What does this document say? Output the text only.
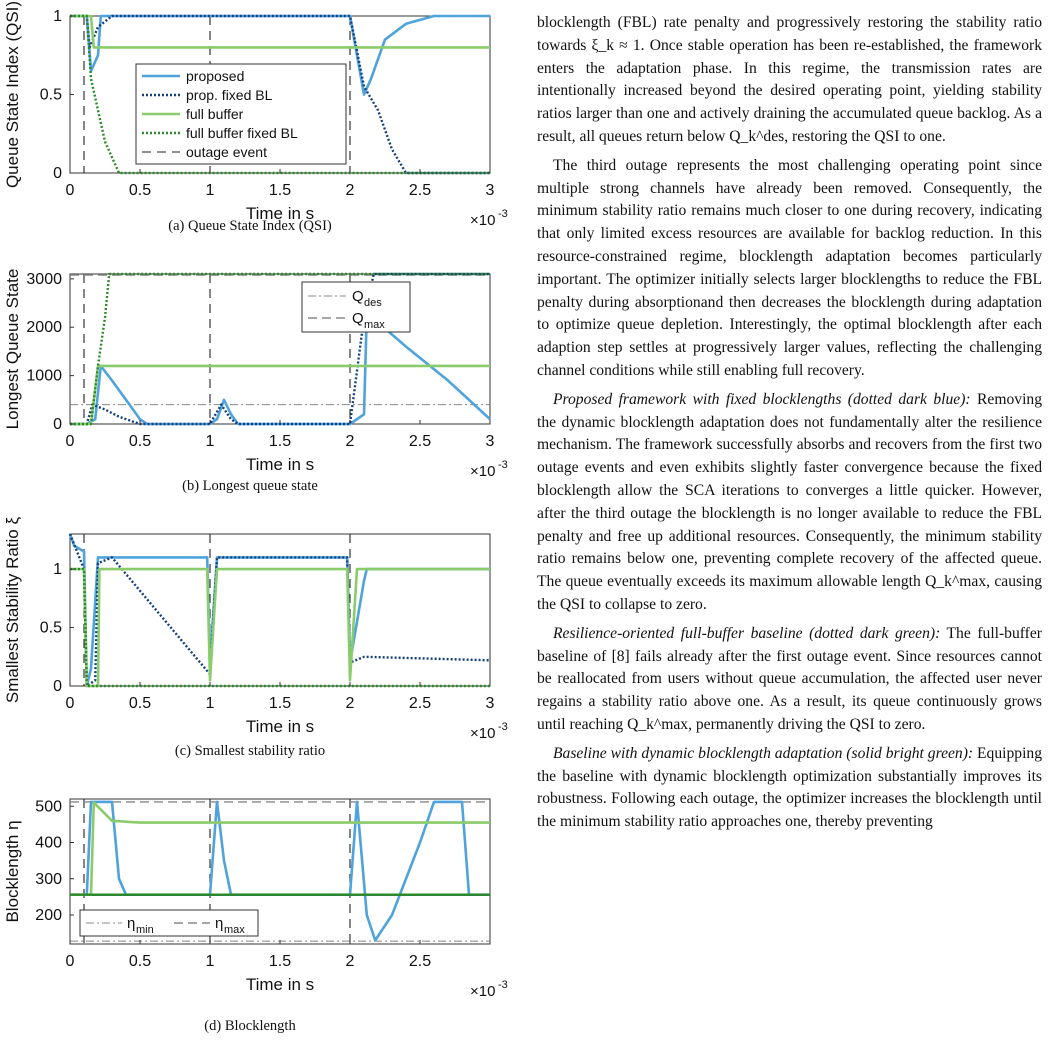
0	0.5	1	1.5	2	2.5	3
0
0.5
1
Time in s
Queue State Index (QSI)
×10 -3
proposed
prop. fixed BL
full buffer
full buffer fixed BL
outage event
(a) Queue State Index (QSI)
0	0.5	1	1.5	2	2.5	3
0
1000
2000
3000
Time in s
Longest Queue State
×10 -3
Q des
Q max
(b) Longest queue state
0	0.5	1	1.5	2	2.5	3
0
0.5
1
Time in s
Smallest Stability Ratio ξ
×10 -3
(c) Smallest stability ratio
0	0.5	1	1.5	2	2.5
200
300
400
500
Time in s
Blocklength η
×10 -3
η min	η max
(d) Blocklength

blocklength (FBL) rate penalty and progressively restoring the stability ratio towards ξ_k ≈ 1. Once stable operation has been re-established, the framework enters the adaptation phase. In this regime, the transmission rates are intentionally increased beyond the desired operating point, yielding stability ratios larger than one and actively draining the accumulated queue backlog. As a result, all queues return below Q_k^des, restoring the QSI to one.

The third outage represents the most challenging operating point since multiple strong channels have already been removed. Consequently, the minimum stability ratio remains much closer to one during recovery, indicating that only limited excess resources are available for backlog reduction. In this resource-constrained regime, blocklength adaptation becomes particularly important. The optimizer initially selects larger blocklengths to reduce the FBL penalty during absorptionand then decreases the blocklength during adaptation to optimize queue depletion. Interestingly, the optimal blocklength after each adaption step settles at progressively larger values, reflecting the challenging channel conditions while still enabling full recovery.

Proposed framework with fixed blocklengths (dotted dark blue): Removing the dynamic blocklength adaptation does not fundamentally alter the resilience mechanism. The framework successfully absorbs and recovers from the first two outage events and even exhibits slightly faster convergence because the fixed blocklength allow the SCA iterations to converges a little quicker. However, after the third outage the blocklength is no longer available to reduce the FBL penalty and free up additional resources. Consequently, the minimum stability ratio remains below one, preventing complete recovery of the affected queue. The queue eventually exceeds its maximum allowable length Q_k^max, causing the QSI to collapse to zero.

Resilience-oriented full-buffer baseline (dotted dark green): The full-buffer baseline of [8] fails already after the first outage event. Since resources cannot be reallocated from users without queue accumulation, the affected user never regains a stability ratio above one. As a result, its queue continuously grows until reaching Q_k^max, permanently driving the QSI to zero.

Baseline with dynamic blocklength adaptation (solid bright green): Equipping the baseline with dynamic blocklength optimization substantially improves its robustness. Following each outage, the optimizer increases the blocklength until the minimum stability ratio approaches one, thereby preventing
